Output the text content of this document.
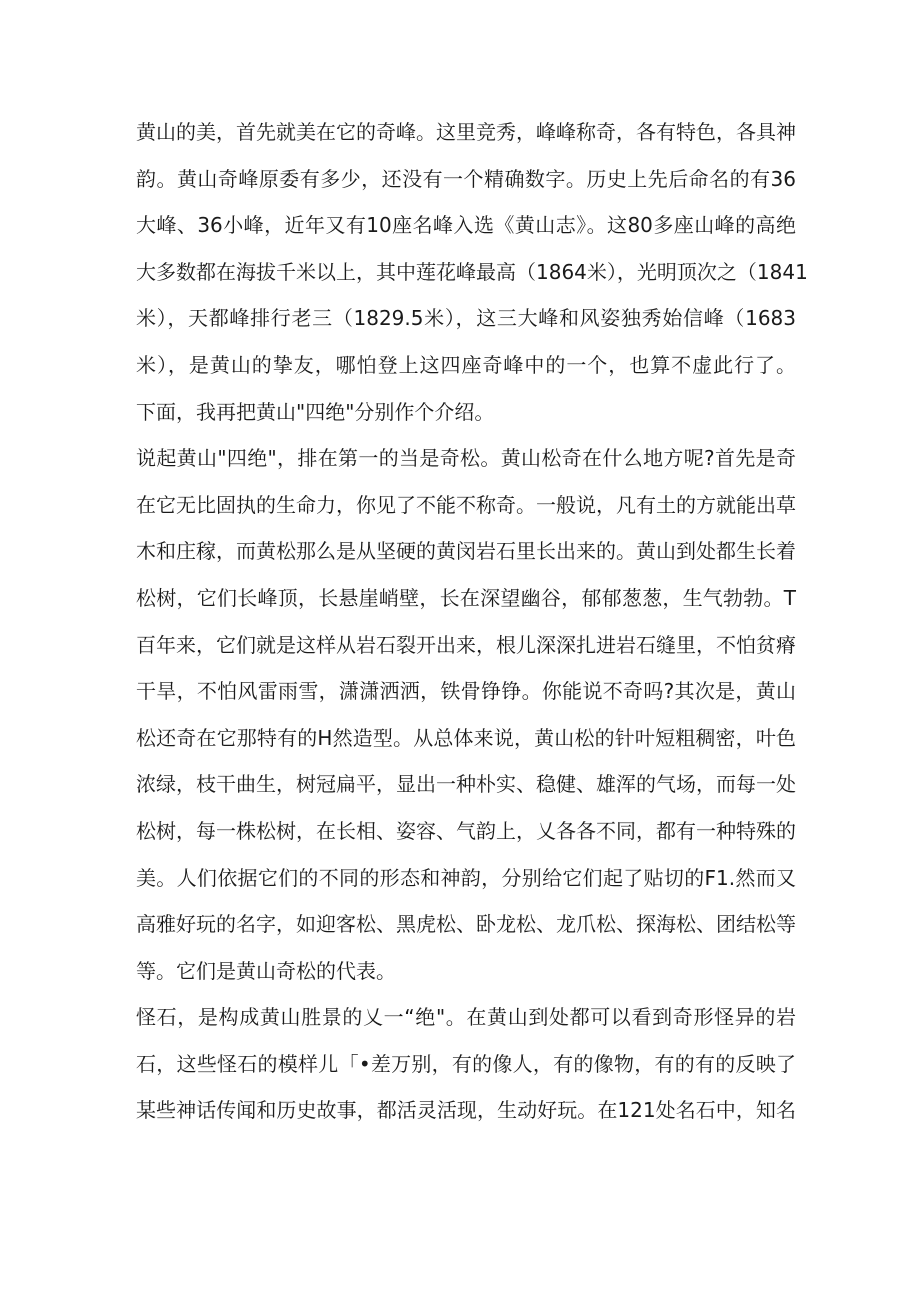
黄山的美，首先就美在它的奇峰。这里竞秀，峰峰称奇，各有特色，各具神
韵。黄山奇峰原委有多少，还没有一个精确数字。历史上先后命名的有36
大峰、36小峰，近年又有10座名峰入选《黄山志》。这80多座山峰的高绝
大多数都在海拔千米以上，其中莲花峰最高（1864米），光明顶次之（1841
米），天都峰排行老三（1829.5米），这三大峰和风姿独秀始信峰（1683
米），是黄山的挚友，哪怕登上这四座奇峰中的一个，也算不虚此行了。
下面，我再把黄山"四绝"分别作个介绍。
说起黄山"四绝"，排在第一的当是奇松。黄山松奇在什么地方呢?首先是奇
在它无比固执的生命力，你见了不能不称奇。一般说，凡有土的方就能出草
木和庄稼，而黄松那么是从坚硬的黄闵岩石里长出来的。黄山到处都生长着
松树，它们长峰顶，长悬崖峭壁，长在深望幽谷，郁郁葱葱，生气勃勃。T
百年来，它们就是这样从岩石裂开出来，根儿深深扎进岩石缝里，不怕贫瘠
干旱，不怕风雷雨雪，潇潇洒洒，铁骨铮铮。你能说不奇吗?其次是，黄山
松还奇在它那特有的H然造型。从总体来说，黄山松的针叶短粗稠密，叶色
浓绿，枝干曲生，树冠扁平，显出一种朴实、稳健、雄浑的气场，而每一处
松树，每一株松树，在长相、姿容、气韵上，乂各各不同，都有一种特殊的
美。人们依据它们的不同的形态和神韵，分别给它们起了贴切的F1.然而又
高雅好玩的名字，如迎客松、黑虎松、卧龙松、龙爪松、探海松、团结松等
等。它们是黄山奇松的代表。
怪石，是构成黄山胜景的乂一“绝"。在黄山到处都可以看到奇形怪异的岩
石，这些怪石的模样儿「•差万别，有的像人，有的像物，有的有的反映了
某些神话传闻和历史故事，都活灵活现，生动好玩。在121处名石中，知名
